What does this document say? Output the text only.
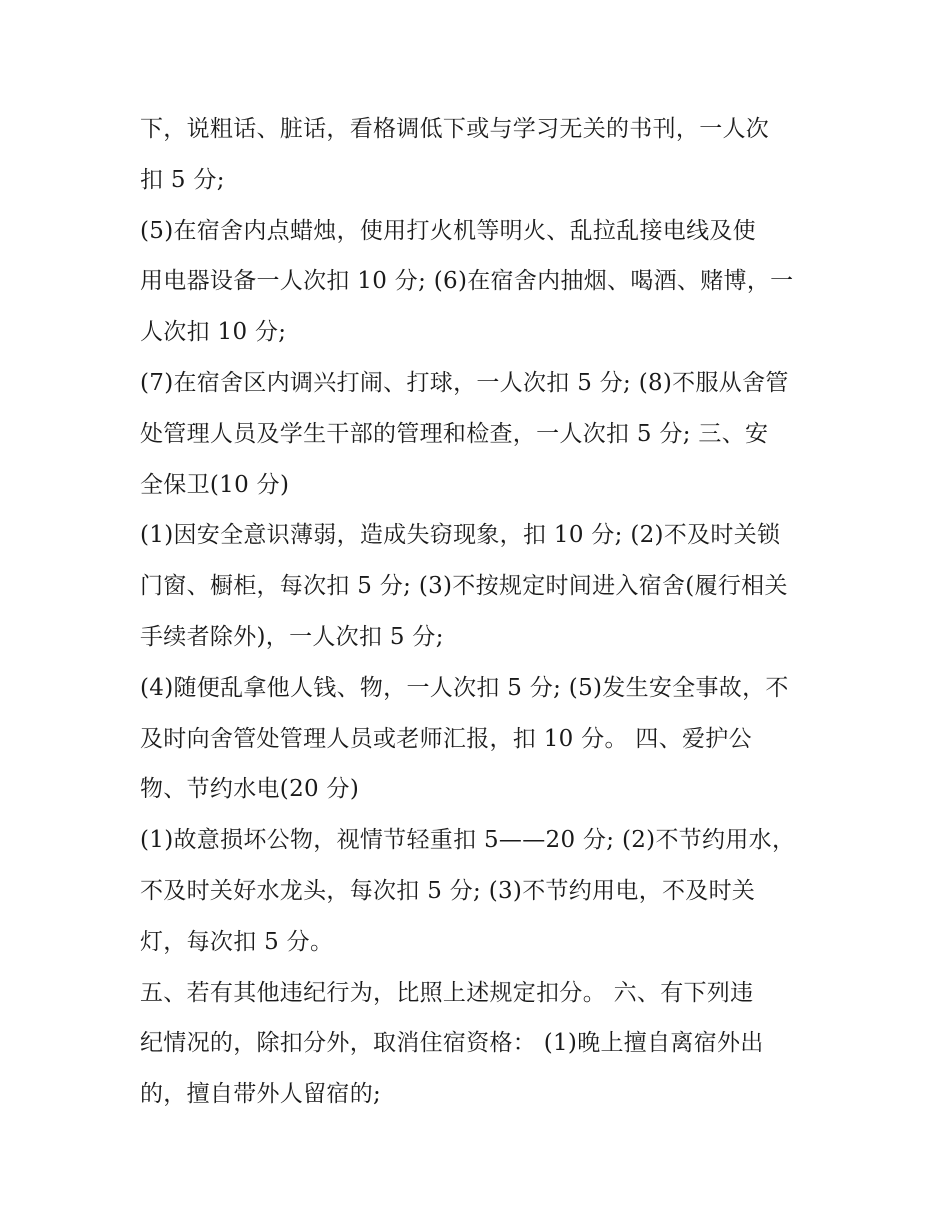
下，说粗话、脏话，看格调低下或与学习无关的书刊，一人次
扣 5 分;
(5)在宿舍内点蜡烛，使用打火机等明火、乱拉乱接电线及使
用电器设备一人次扣 10 分; (6)在宿舍内抽烟、喝酒、赌博，一
人次扣 10 分;
(7)在宿舍区内调兴打闹、打球，一人次扣 5 分; (8)不服从舍管
处管理人员及学生干部的管理和检查，一人次扣 5 分; 三、安
全保卫(10 分)
(1)因安全意识薄弱，造成失窃现象，扣 10 分; (2)不及时关锁
门窗、橱柜，每次扣 5 分; (3)不按规定时间进入宿舍(履行相关
手续者除外)，一人次扣 5 分;
(4)随便乱拿他人钱、物，一人次扣 5 分; (5)发生安全事故，不
及时向舍管处管理人员或老师汇报，扣 10 分。 四、爱护公
物、节约水电(20 分)
(1)故意损坏公物，视情节轻重扣 5——20 分; (2)不节约用水，
不及时关好水龙头，每次扣 5 分; (3)不节约用电，不及时关
灯，每次扣 5 分。
五、若有其他违纪行为，比照上述规定扣分。 六、有下列违
纪情况的，除扣分外，取消住宿资格： (1)晚上擅自离宿外出
的，擅自带外人留宿的;
